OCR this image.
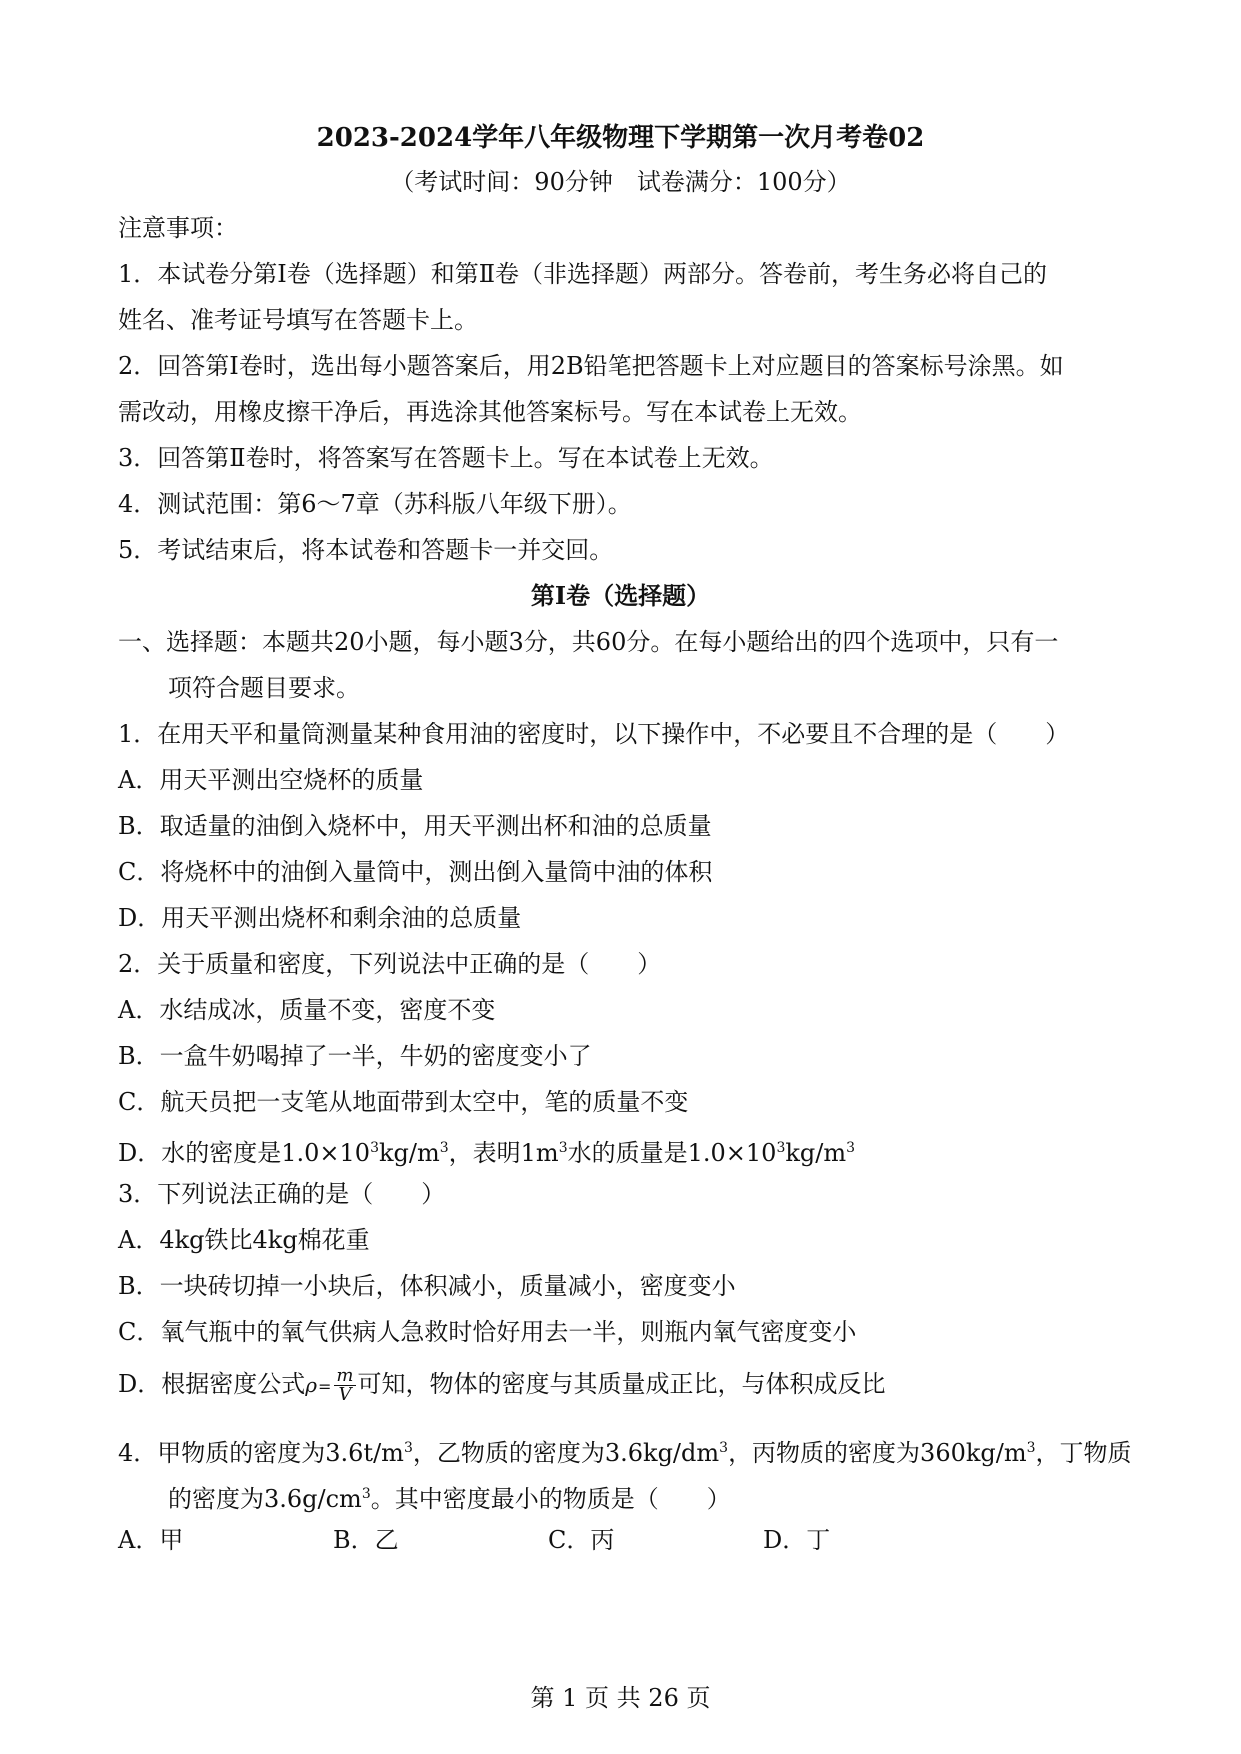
2023-2024学年八年级物理下学期第一次月考卷02
（考试时间：90分钟　试卷满分：100分）
注意事项：
1．本试卷分第Ⅰ卷（选择题）和第Ⅱ卷（非选择题）两部分。答卷前，考生务必将自己的
姓名、准考证号填写在答题卡上。
2．回答第Ⅰ卷时，选出每小题答案后，用2B铅笔把答题卡上对应题目的答案标号涂黑。如
需改动，用橡皮擦干净后，再选涂其他答案标号。写在本试卷上无效。
3．回答第Ⅱ卷时，将答案写在答题卡上。写在本试卷上无效。
4．测试范围：第6～7章（苏科版八年级下册）。
5．考试结束后，将本试卷和答题卡一并交回。
第Ⅰ卷（选择题）
一、选择题：本题共20小题，每小题3分，共60分。在每小题给出的四个选项中，只有一
项符合题目要求。
1．在用天平和量筒测量某种食用油的密度时，以下操作中，不必要且不合理的是（　　）
A．用天平测出空烧杯的质量
B．取适量的油倒入烧杯中，用天平测出杯和油的总质量
C．将烧杯中的油倒入量筒中，测出倒入量筒中油的体积
D．用天平测出烧杯和剩余油的总质量
2．关于质量和密度，下列说法中正确的是（　　）
A．水结成冰，质量不变，密度不变
B．一盒牛奶喝掉了一半，牛奶的密度变小了
C．航天员把一支笔从地面带到太空中，笔的质量不变
D．水的密度是$1.0\times 10^3kg/m^3$，表明$1m^3$水的质量是$1.0\times 10^3kg/m^3$
3．下列说法正确的是（　　）
A．4kg铁比4kg棉花重
B．一块砖切掉一小块后，体积减小，质量减小，密度变小
C．氧气瓶中的氧气供病人急救时恰好用去一半，则瓶内氧气密度变小
D．根据密度公式$\rho= \frac{m}{V}$ 可知，物体的密度与其质量成正比，与体积成反比
4．甲物质的密度为$3.6t/m^3$，乙物质的密度为$3.6kg/dm^3$，丙物质的密度为$360kg/m^3$，丁物质
的密度为$3.6g/cm^3$。其中密度最小的物质是（　　）
A．甲	B．乙	C．丙	D．丁
第 1 页 共 26 页
